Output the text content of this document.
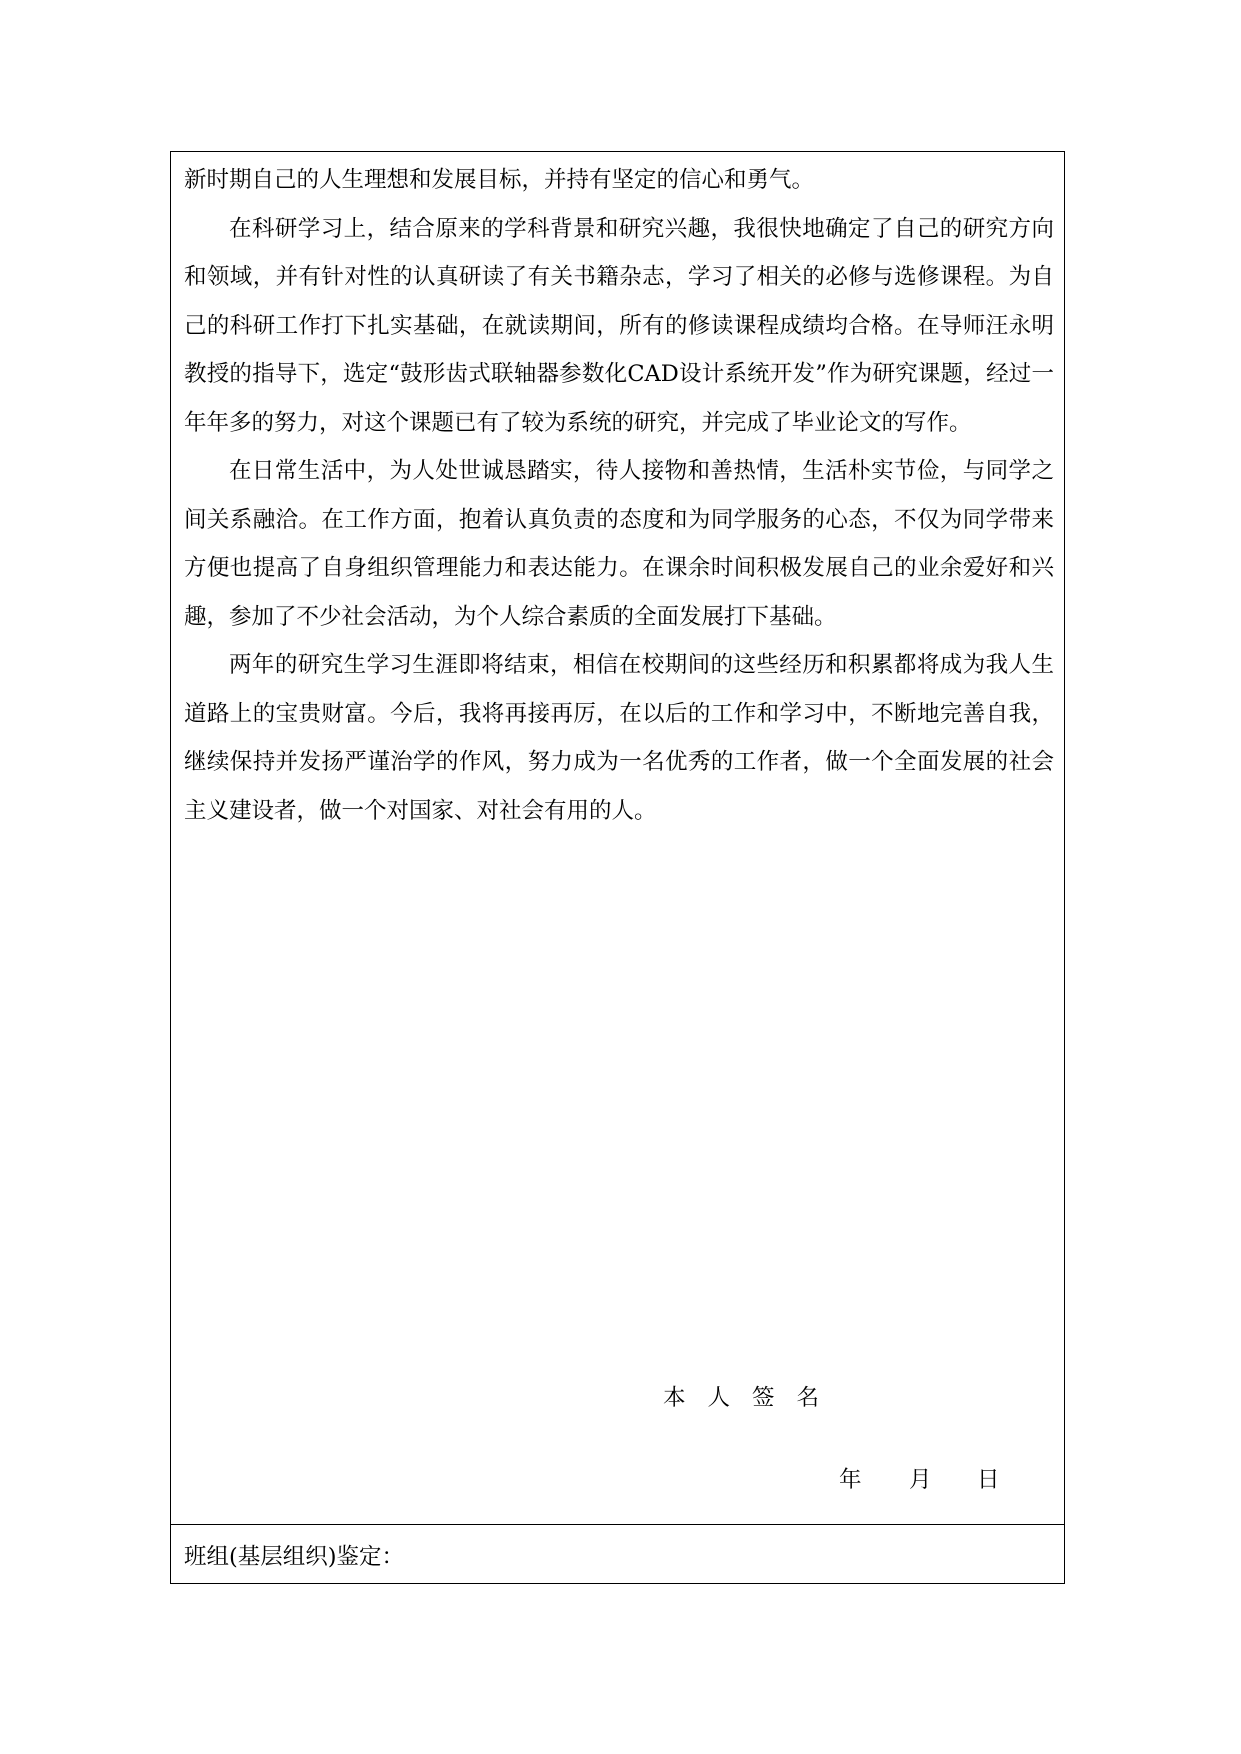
新时期自己的人生理想和发展目标，并持有坚定的信心和勇气。

在科研学习上，结合原来的学科背景和研究兴趣，我很快地确定了自己的研究方向和领域，并有针对性的认真研读了有关书籍杂志，学习了相关的必修与选修课程。为自己的科研工作打下扎实基础，在就读期间，所有的修读课程成绩均合格。在导师汪永明教授的指导下，选定“鼓形齿式联轴器参数化CAD设计系统开发”作为研究课题，经过一年年多的努力，对这个课题已有了较为系统的研究，并完成了毕业论文的写作。

在日常生活中，为人处世诚恳踏实，待人接物和善热情，生活朴实节俭，与同学之间关系融洽。在工作方面，抱着认真负责的态度和为同学服务的心态，不仅为同学带来方便也提高了自身组织管理能力和表达能力。在课余时间积极发展自己的业余爱好和兴趣，参加了不少社会活动，为个人综合素质的全面发展打下基础。

两年的研究生学习生涯即将结束，相信在校期间的这些经历和积累都将成为我人生道路上的宝贵财富。今后，我将再接再厉，在以后的工作和学习中，不断地完善自我，继续保持并发扬严谨治学的作风，努力成为一名优秀的工作者，做一个全面发展的社会主义建设者，做一个对国家、对社会有用的人。

本人签名
年 月 日
班组(基层组织)鉴定：
